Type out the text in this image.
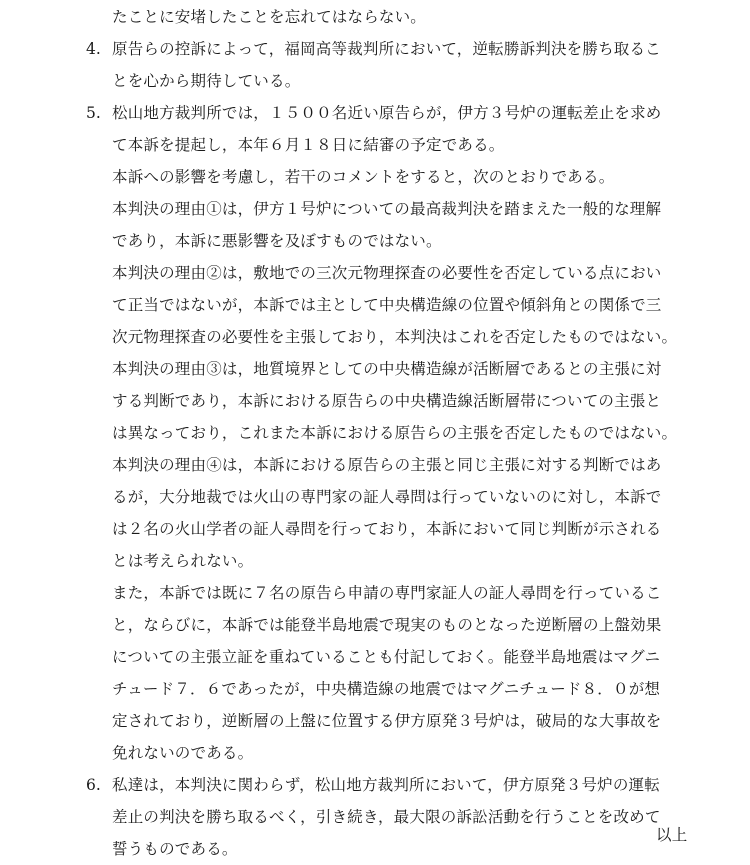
たことに安堵したことを忘れてはならない。
4. 原告らの控訴によって，福岡高等裁判所において，逆転勝訴判決を勝ち取るこ
とを心から期待している。
5. 松山地方裁判所では，１５００名近い原告らが，伊方３号炉の運転差止を求め
て本訴を提起し，本年６月１８日に結審の予定である。
本訴への影響を考慮し，若干のコメントをすると，次のとおりである。
本判決の理由①は，伊方１号炉についての最高裁判決を踏まえた一般的な理解
であり，本訴に悪影響を及ぼすものではない。
本判決の理由②は，敷地での三次元物理探査の必要性を否定している点におい
て正当ではないが，本訴では主として中央構造線の位置や傾斜角との関係で三
次元物理探査の必要性を主張しており，本判決はこれを否定したものではない。
本判決の理由③は，地質境界としての中央構造線が活断層であるとの主張に対
する判断であり，本訴における原告らの中央構造線活断層帯についての主張と
は異なっており，これまた本訴における原告らの主張を否定したものではない。
本判決の理由④は，本訴における原告らの主張と同じ主張に対する判断ではあ
るが，大分地裁では火山の専門家の証人尋問は行っていないのに対し，本訴で
は２名の火山学者の証人尋問を行っており，本訴において同じ判断が示される
とは考えられない。
また，本訴では既に７名の原告ら申請の専門家証人の証人尋問を行っているこ
と，ならびに，本訴では能登半島地震で現実のものとなった逆断層の上盤効果
についての主張立証を重ねていることも付記しておく。能登半島地震はマグニ
チュード７．６であったが，中央構造線の地震ではマグニチュード８．０が想
定されており，逆断層の上盤に位置する伊方原発３号炉は，破局的な大事故を
免れないのである。
6. 私達は，本判決に関わらず，松山地方裁判所において，伊方原発３号炉の運転
差止の判決を勝ち取るべく，引き続き，最大限の訴訟活動を行うことを改めて
誓うものである。
以上
